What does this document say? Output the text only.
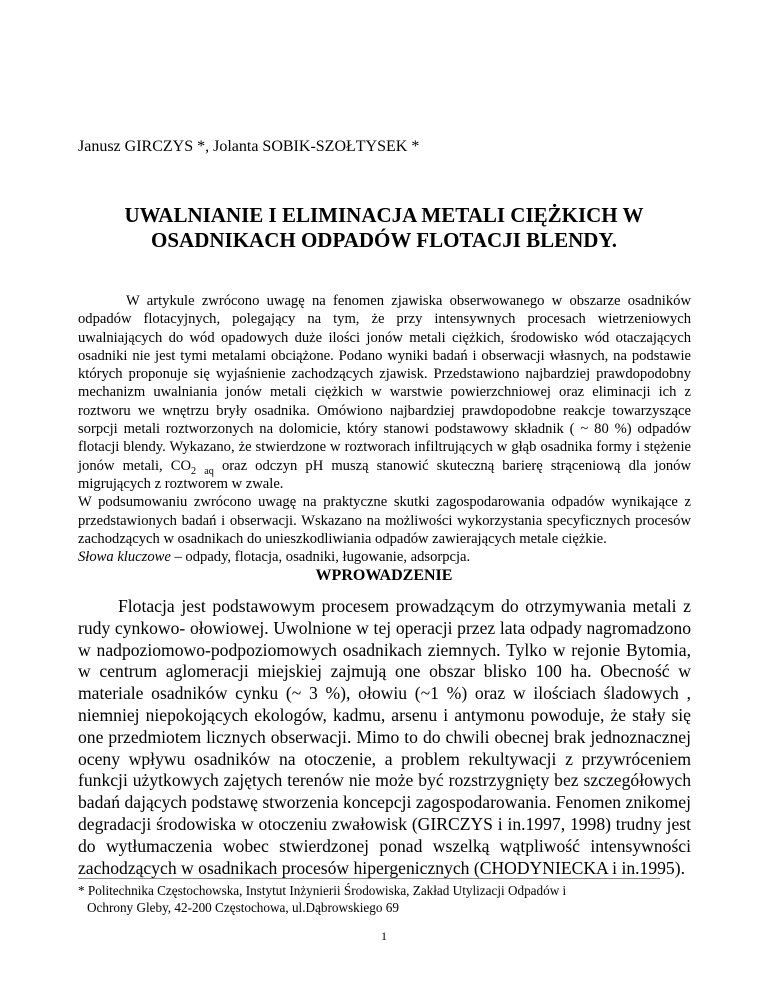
Janusz GIRCZYS *, Jolanta SOBIK-SZOŁTYSEK *
UWALNIANIE I ELIMINACJA METALI CIĘŻKICH W
OSADNIKACH ODPADÓW FLOTACJI BLENDY.

W artykule zwrócono uwagę na fenomen zjawiska obserwowanego w obszarze osadników odpadów flotacyjnych, polegający na tym, że przy intensywnych procesach wietrzeniowych uwalniających do wód opadowych duże ilości jonów metali ciężkich, środowisko wód otaczających osadniki nie jest tymi metalami obciążone. Podano wyniki badań i obserwacji własnych, na podstawie których proponuje się wyjaśnienie zachodzących zjawisk. Przedstawiono najbardziej prawdopodobny mechanizm uwalniania jonów metali ciężkich w warstwie powierzchniowej oraz eliminacji ich z roztworu we wnętrzu bryły osadnika. Omówiono najbardziej prawdopodobne reakcje towarzyszące sorpcji metali roztworzonych na dolomicie, który stanowi podstawowy składnik ( ~ 80 %) odpadów flotacji blendy. Wykazano, że stwierdzone w roztworach infiltrujących w głąb osadnika formy i stężenie jonów metali, $CO_2$ $_{aq}$ oraz odczyn pH muszą stanowić skuteczną barierę strąceniową dla jonów migrujących z roztworem w zwale.

W podsumowaniu zwrócono uwagę na praktyczne skutki zagospodarowania odpadów wynikające z przedstawionych badań i obserwacji. Wskazano na możliwości wykorzystania specyficznych procesów zachodzących w osadnikach do unieszkodliwiania odpadów zawierających metale ciężkie.

Słowa kluczowe – odpady, flotacja, osadniki, ługowanie, adsorpcja.

WPROWADZENIE

Flotacja jest podstawowym procesem prowadzącym do otrzymywania metali z rudy cynkowo- ołowiowej. Uwolnione w tej operacji przez lata odpady nagromadzono w nadpoziomowo-podpoziomowych osadnikach ziemnych. Tylko w rejonie Bytomia, w centrum aglomeracji miejskiej zajmują one obszar blisko 100 ha. Obecność w materiale osadników cynku (~ 3 %), ołowiu (~1 %) oraz w ilościach śladowych , niemniej niepokojących ekologów, kadmu, arsenu i antymonu powoduje, że stały się one przedmiotem licznych obserwacji. Mimo to do chwili obecnej brak jednoznacznej oceny wpływu osadników na otoczenie, a problem rekultywacji z przywróceniem funkcji użytkowych zajętych terenów nie może być rozstrzygnięty bez szczegółowych badań dających podstawę stworzenia koncepcji zagospodarowania. Fenomen znikomej degradacji środowiska w otoczeniu zwałowisk (GIRCZYS i in.1997, 1998) trudny jest do wytłumaczenia wobec stwierdzonej ponad wszelką wątpliwość intensywności zachodzących w osadnikach procesów hipergenicznych (CHODYNIECKA i in.1995).

* Politechnika Częstochowska, Instytut Inżynierii Środowiska, Zakład Utylizacji Odpadów i
Ochrony Gleby, 42-200 Częstochowa, ul.Dąbrowskiego 69

1
